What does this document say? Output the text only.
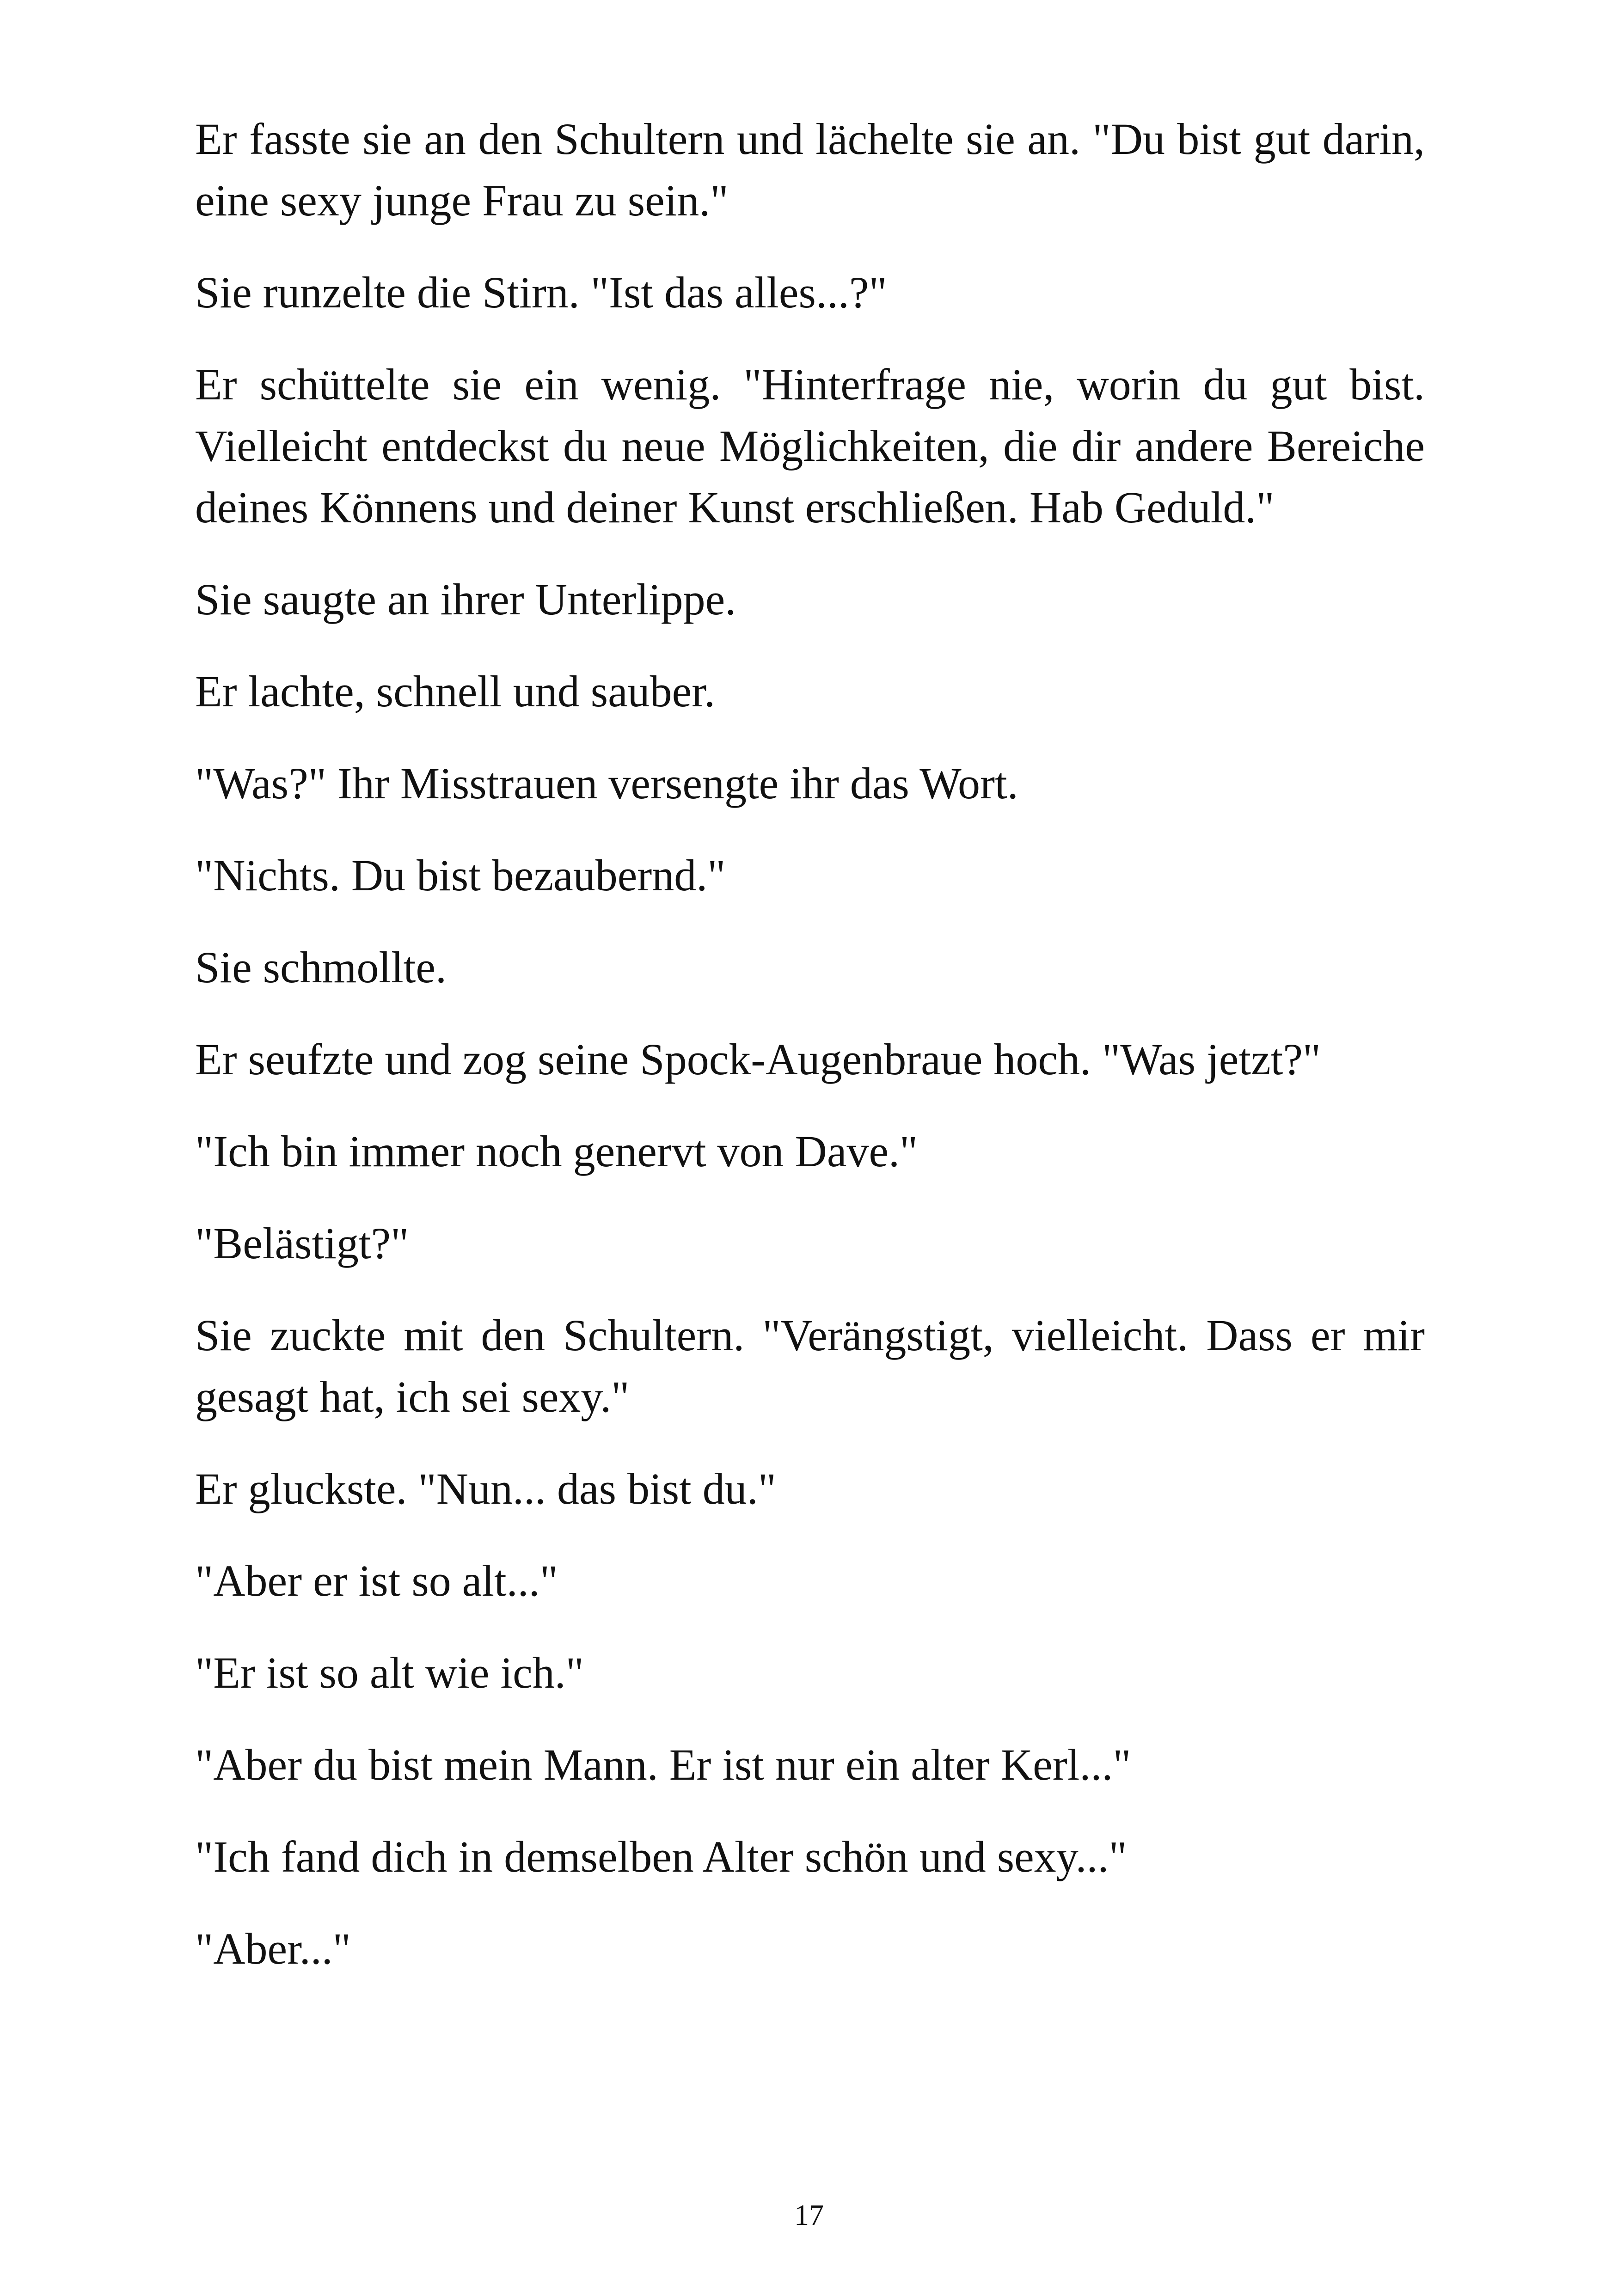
Er fasste sie an den Schultern und lächelte sie an. "Du bist gut darin, eine sexy junge Frau zu sein."

Sie runzelte die Stirn. "Ist das alles...?"

Er schüttelte sie ein wenig. "Hinterfrage nie, worin du gut bist. Vielleicht entdeckst du neue Möglichkeiten, die dir andere Bereiche deines Könnens und deiner Kunst erschließen. Hab Geduld."

Sie saugte an ihrer Unterlippe.

Er lachte, schnell und sauber.

"Was?" Ihr Misstrauen versengte ihr das Wort.

"Nichts. Du bist bezaubernd."

Sie schmollte.

Er seufzte und zog seine Spock-Augenbraue hoch. "Was jetzt?"

"Ich bin immer noch genervt von Dave."

"Belästigt?"

Sie zuckte mit den Schultern. "Verängstigt, vielleicht. Dass er mir gesagt hat, ich sei sexy."

Er gluckste. "Nun... das bist du."

"Aber er ist so alt..."

"Er ist so alt wie ich."

"Aber du bist mein Mann. Er ist nur ein alter Kerl..."

"Ich fand dich in demselben Alter schön und sexy..."

"Aber..."

17
